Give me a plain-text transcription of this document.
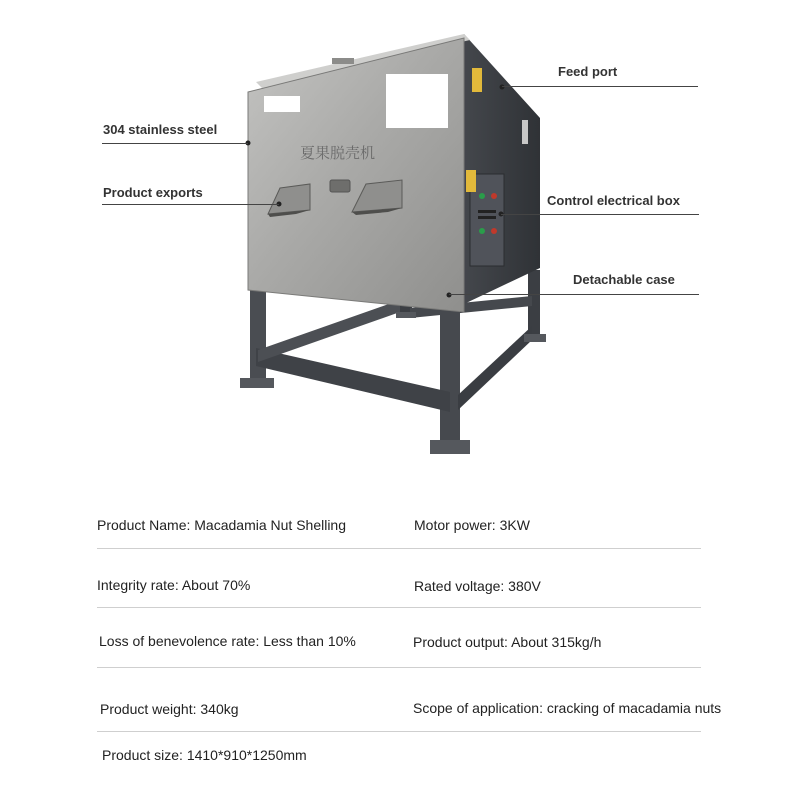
夏果脱壳机
Feed port
304 stainless steel
Product exports
Control electrical box
Detachable case
Product Name: Macadamia Nut Shelling	Motor power: 3KW
Integrity rate: About 70%	Rated voltage: 380V
Loss of benevolence rate: Less than 10%	Product output: About 315kg/h
Product weight: 340kg	Scope of application: cracking of macadamia nuts
Product size: 1410*910*1250mm
